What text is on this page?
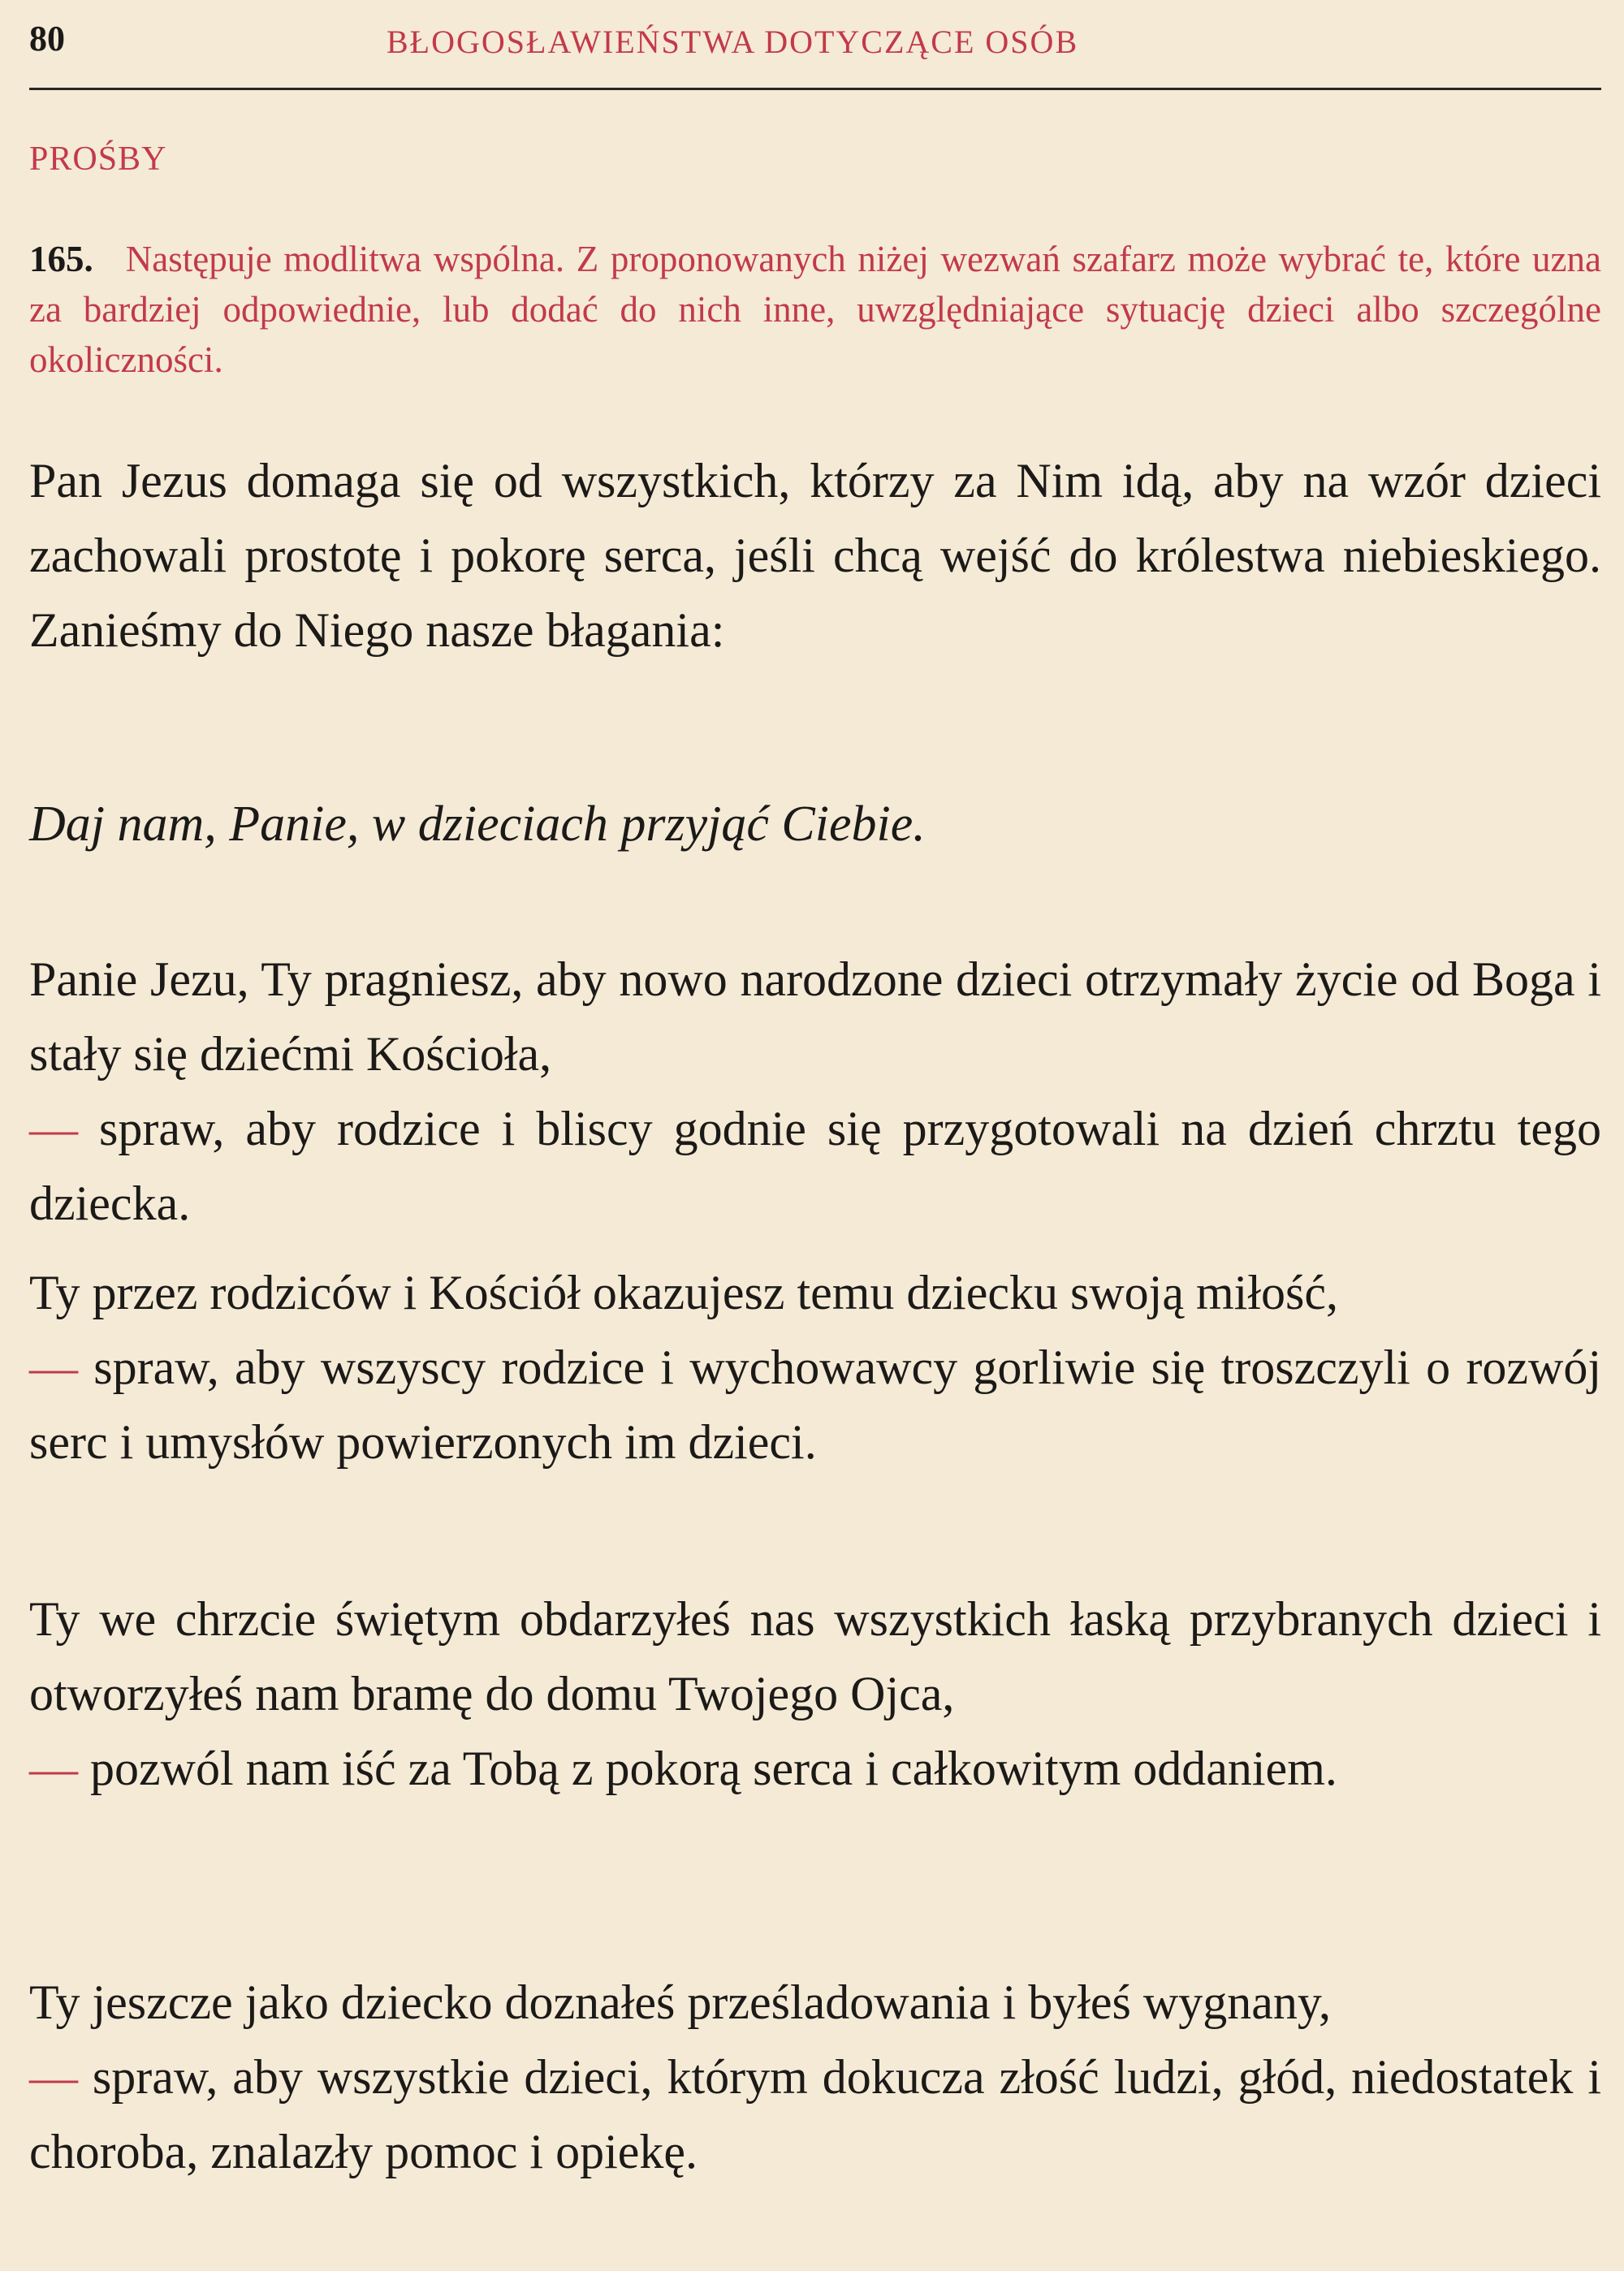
80	BŁOGOSŁAWIEŃSTWA DOTYCZĄCE OSÓB
PROŚBY
165. Następuje modlitwa wspólna. Z proponowanych niżej wezwań szafarz może wybrać te, które uzna za bardziej odpowiednie, lub dodać do nich inne, uwzględniające sytuację dzieci albo szczególne okoliczności.
Pan Jezus domaga się od wszystkich, którzy za Nim idą, aby na wzór dzieci zachowali prostotę i pokorę serca, jeśli chcą wejść do królestwa niebieskiego. Zanieśmy do Niego nasze błagania:
Daj nam, Panie, w dzieciach przyjąć Ciebie.
Panie Jezu, Ty pragniesz, aby nowo narodzone dzieci otrzymały życie od Boga i stały się dziećmi Kościoła,
— spraw, aby rodzice i bliscy godnie się przygotowali na dzień chrztu tego dziecka.
Ty przez rodziców i Kościół okazujesz temu dziecku swoją miłość,
— spraw, aby wszyscy rodzice i wychowawcy gorliwie się troszczyli o rozwój serc i umysłów powierzonych im dzieci.
Ty we chrzcie świętym obdarzyłeś nas wszystkich łaską przybranych dzieci i otworzyłeś nam bramę do domu Twojego Ojca,
— pozwól nam iść za Tobą z pokorą serca i całkowitym oddaniem.
Ty jeszcze jako dziecko doznałeś prześladowania i byłeś wygnany,
— spraw, aby wszystkie dzieci, którym dokucza złość ludzi, głód, niedostatek i choroba, znalazły pomoc i opiekę.
